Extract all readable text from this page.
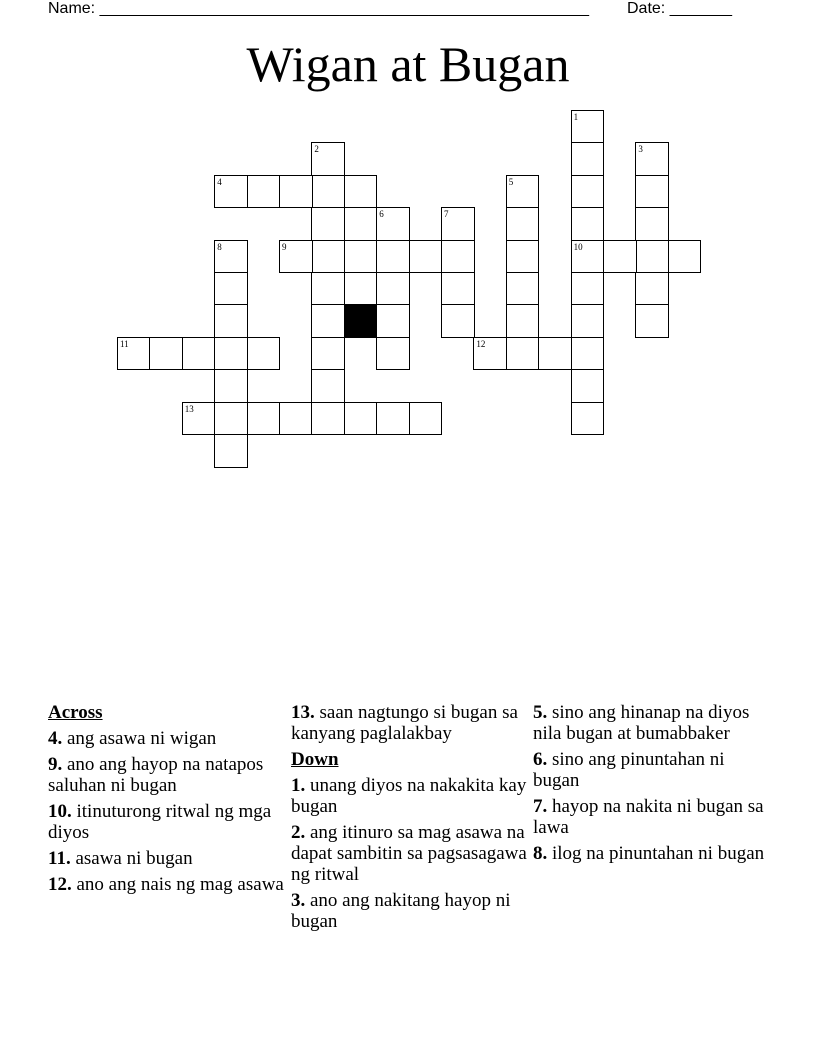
Name: _______________________________________________________ Date: _______
Wigan at Bugan
1
2	3
4	5
6	7
8	9	10
11	12
13
Across
4. ang asawa ni wigan
9. ano ang hayop na natapos saluhan ni bugan
10. itinuturong ritwal ng mga diyos
11. asawa ni bugan
12. ano ang nais ng mag asawa
13. saan nagtungo si bugan sa kanyang paglalakbay
Down
1. unang diyos na nakakita kay bugan
2. ang itinuro sa mag asawa na dapat sambitin sa pagsasagawa ng ritwal
3. ano ang nakitang hayop ni bugan
5. sino ang hinanap na diyos nila bugan at bumabbaker
6. sino ang pinuntahan ni bugan
7. hayop na nakita ni bugan sa lawa
8. ilog na pinuntahan ni bugan
